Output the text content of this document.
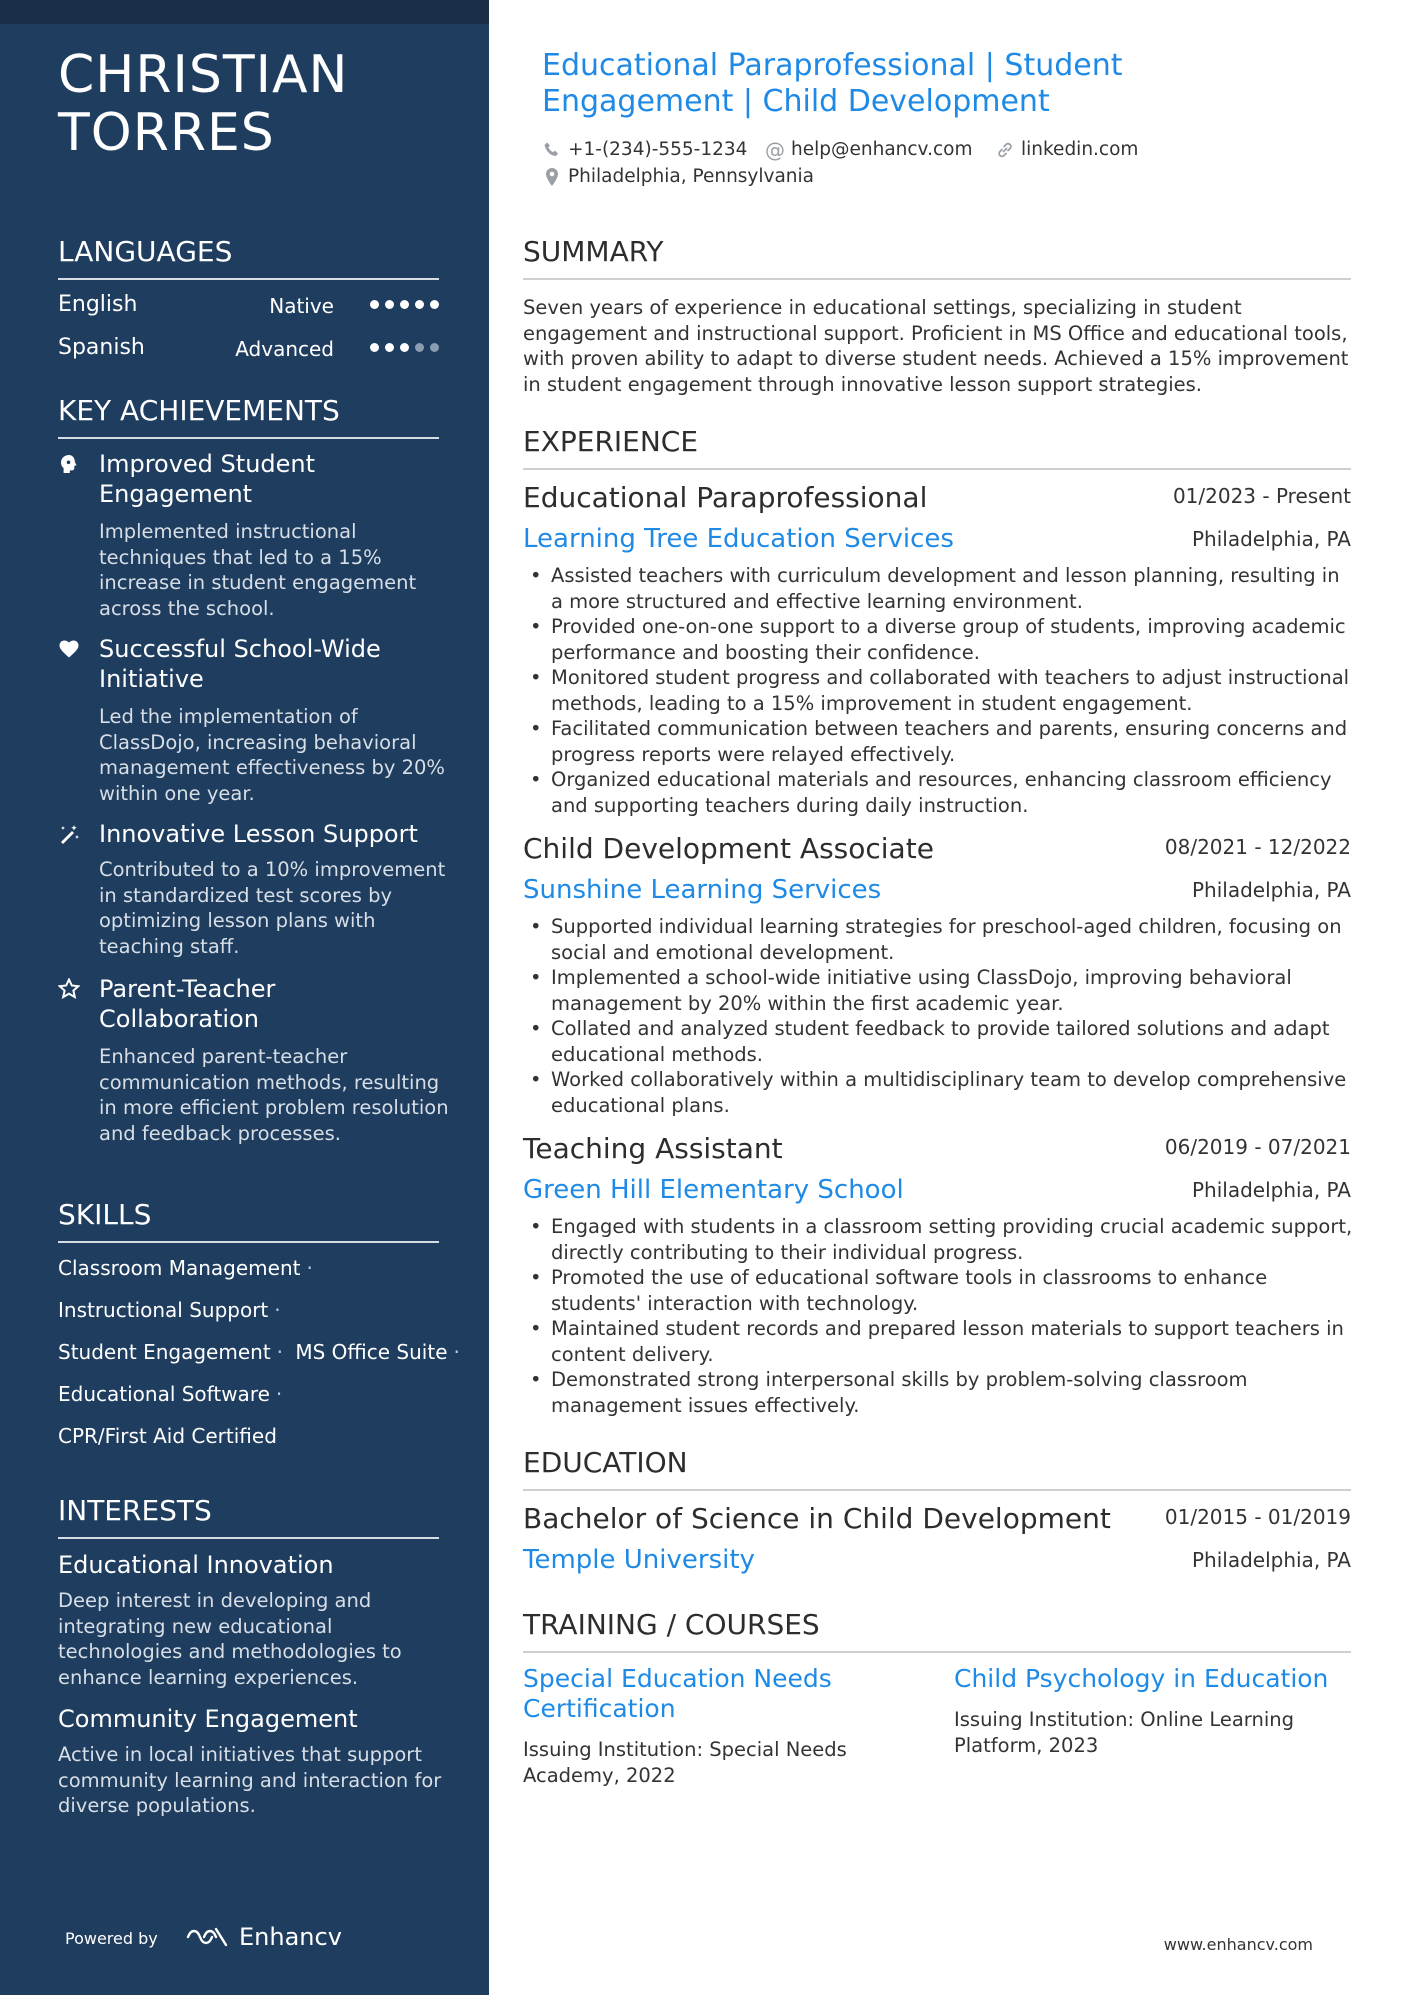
CHRISTIAN
TORRES
LANGUAGES
English	Native
Spanish	Advanced
KEY ACHIEVEMENTS
Improved Student Engagement
Implemented instructional techniques that led to a 15% increase in student engagement across the school.
Successful School-Wide Initiative
Led the implementation of ClassDojo, increasing behavioral management effectiveness by 20% within one year.
Innovative Lesson Support
Contributed to a 10% improvement in standardized test scores by optimizing lesson plans with teaching staff.
Parent-Teacher Collaboration
Enhanced parent-teacher communication methods, resulting in more efficient problem resolution and feedback processes.
SKILLS
Classroom Management ·
Instructional Support ·
Student Engagement · MS Office Suite ·
Educational Software ·
CPR/First Aid Certified
INTERESTS
Educational Innovation
Deep interest in developing and integrating new educational technologies and methodologies to enhance learning experiences.
Community Engagement
Active in local initiatives that support community learning and interaction for diverse populations.
Powered by	Enhancv
Educational Paraprofessional | Student Engagement | Child Development
+1-(234)-555-1234 @ help@enhancv.com	linkedin.com
Philadelphia, Pennsylvania
SUMMARY
Seven years of experience in educational settings, specializing in student engagement and instructional support. Proficient in MS Office and educational tools, with proven ability to adapt to diverse student needs. Achieved a 15% improvement in student engagement through innovative lesson support strategies.
EXPERIENCE
Educational Paraprofessional	01/2023 - Present
Learning Tree Education Services	Philadelphia, PA
• Assisted teachers with curriculum development and lesson planning, resulting in a more structured and effective learning environment.
• Provided one-on-one support to a diverse group of students, improving academic performance and boosting their confidence.
• Monitored student progress and collaborated with teachers to adjust instructional methods, leading to a 15% improvement in student engagement.
• Facilitated communication between teachers and parents, ensuring concerns and progress reports were relayed effectively.
• Organized educational materials and resources, enhancing classroom efficiency and supporting teachers during daily instruction.
Child Development Associate	08/2021 - 12/2022
Sunshine Learning Services	Philadelphia, PA
• Supported individual learning strategies for preschool-aged children, focusing on social and emotional development.
• Implemented a school-wide initiative using ClassDojo, improving behavioral management by 20% within the first academic year.
• Collated and analyzed student feedback to provide tailored solutions and adapt educational methods.
• Worked collaboratively within a multidisciplinary team to develop comprehensive educational plans.
Teaching Assistant	06/2019 - 07/2021
Green Hill Elementary School	Philadelphia, PA
• Engaged with students in a classroom setting providing crucial academic support, directly contributing to their individual progress.
• Promoted the use of educational software tools in classrooms to enhance students' interaction with technology.
• Maintained student records and prepared lesson materials to support teachers in content delivery.
• Demonstrated strong interpersonal skills by problem-solving classroom management issues effectively.
EDUCATION
Bachelor of Science in Child Development	01/2015 - 01/2019
Temple University	Philadelphia, PA
TRAINING / COURSES
Special Education Needs Certification
Issuing Institution: Special Needs Academy, 2022
Child Psychology in Education
Issuing Institution: Online Learning Platform, 2023
www.enhancv.com
